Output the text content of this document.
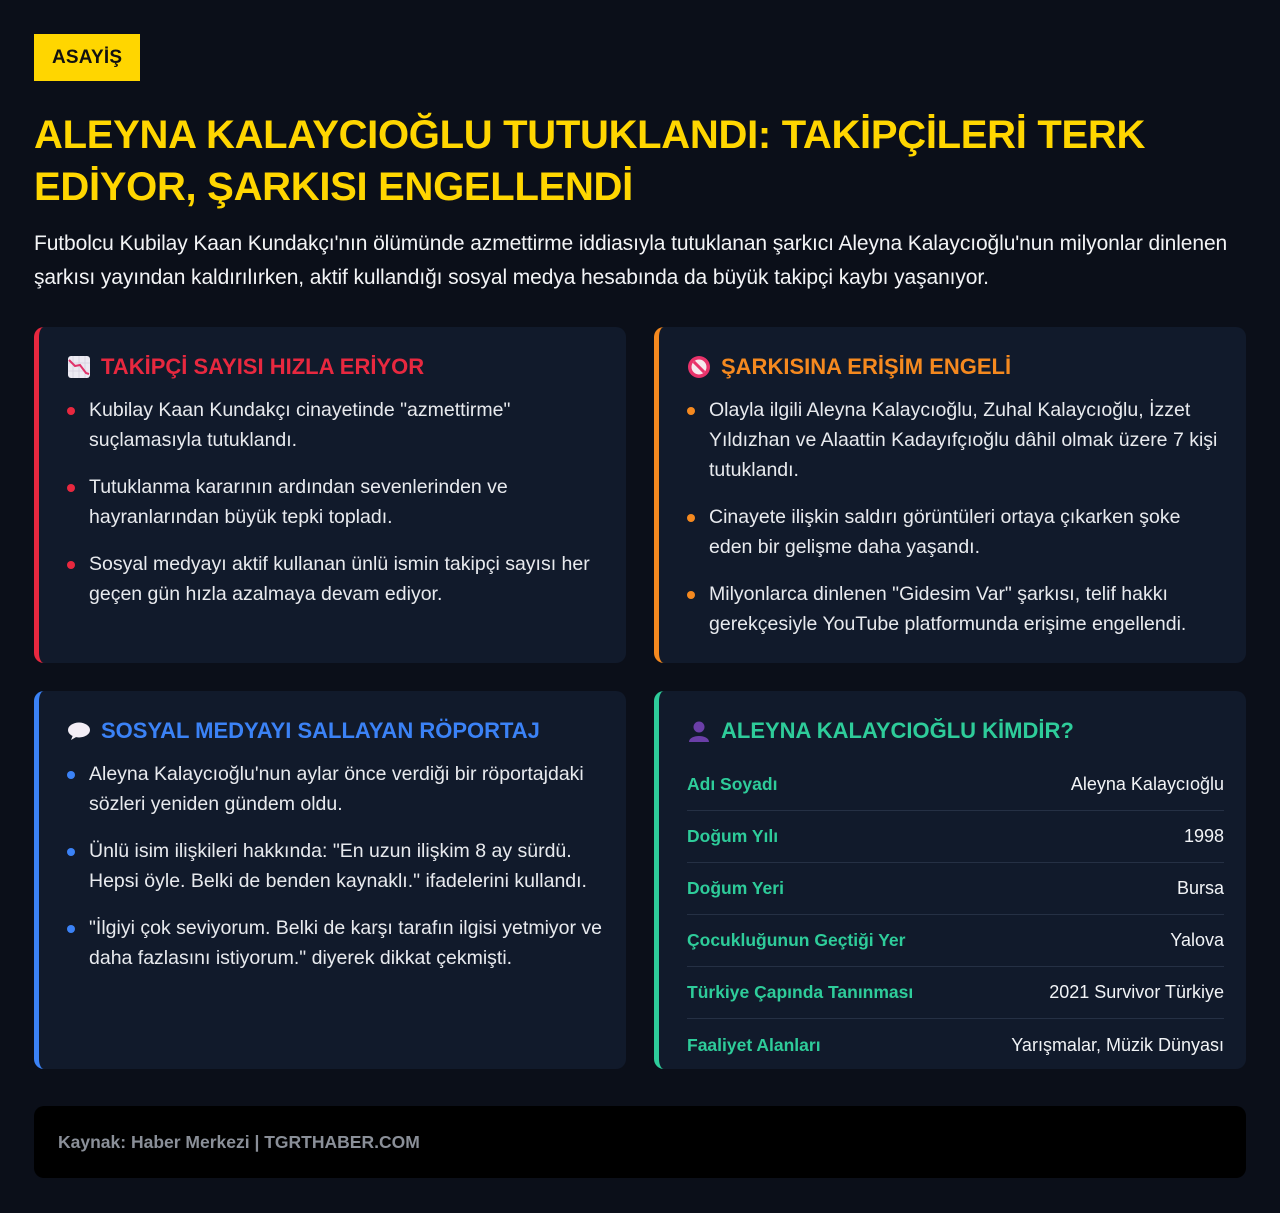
ASAYİŞ
ALEYNA KALAYCIOĞLU TUTUKLANDI: TAKİPÇİLERİ TERK EDİYOR, ŞARKISI ENGELLENDİ

Futbolcu Kubilay Kaan Kundakçı'nın ölümünde azmettirme iddiasıyla tutuklanan şarkıcı Aleyna Kalaycıoğlu'nun milyonlar dinlenen şarkısı yayından kaldırılırken, aktif kullandığı sosyal medya hesabında da büyük takipçi kaybı yaşanıyor.

TAKİPÇİ SAYISI HIZLA ERİYOR
Kubilay Kaan Kundakçı cinayetinde "azmettirme" suçlamasıyla tutuklandı.
Tutuklanma kararının ardından sevenlerinden ve hayranlarından büyük tepki topladı.
Sosyal medyayı aktif kullanan ünlü ismin takipçi sayısı her geçen gün hızla azalmaya devam ediyor.
ŞARKISINA ERİŞİM ENGELİ
Olayla ilgili Aleyna Kalaycıoğlu, Zuhal Kalaycıoğlu, İzzet Yıldızhan ve Alaattin Kadayıfçıoğlu dâhil olmak üzere 7 kişi tutuklandı.
Cinayete ilişkin saldırı görüntüleri ortaya çıkarken şoke eden bir gelişme daha yaşandı.
Milyonlarca dinlenen "Gidesim Var" şarkısı, telif hakkı gerekçesiyle YouTube platformunda erişime engellendi.
SOSYAL MEDYAYI SALLAYAN RÖPORTAJ
Aleyna Kalaycıoğlu'nun aylar önce verdiği bir röportajdaki sözleri yeniden gündem oldu.
Ünlü isim ilişkileri hakkında: "En uzun ilişkim 8 ay sürdü. Hepsi öyle. Belki de benden kaynaklı." ifadelerini kullandı.
"İlgiyi çok seviyorum. Belki de karşı tarafın ilgisi yetmiyor ve daha fazlasını istiyorum." diyerek dikkat çekmişti.
ALEYNA KALAYCIOĞLU KİMDİR?
Adı Soyadı	Aleyna Kalaycıoğlu
Doğum Yılı	1998
Doğum Yeri	Bursa
Çocukluğunun Geçtiği Yer	Yalova
Türkiye Çapında Tanınması	2021 Survivor Türkiye
Faaliyet Alanları	Yarışmalar, Müzik Dünyası
Kaynak: Haber Merkezi | TGRTHABER.COM
